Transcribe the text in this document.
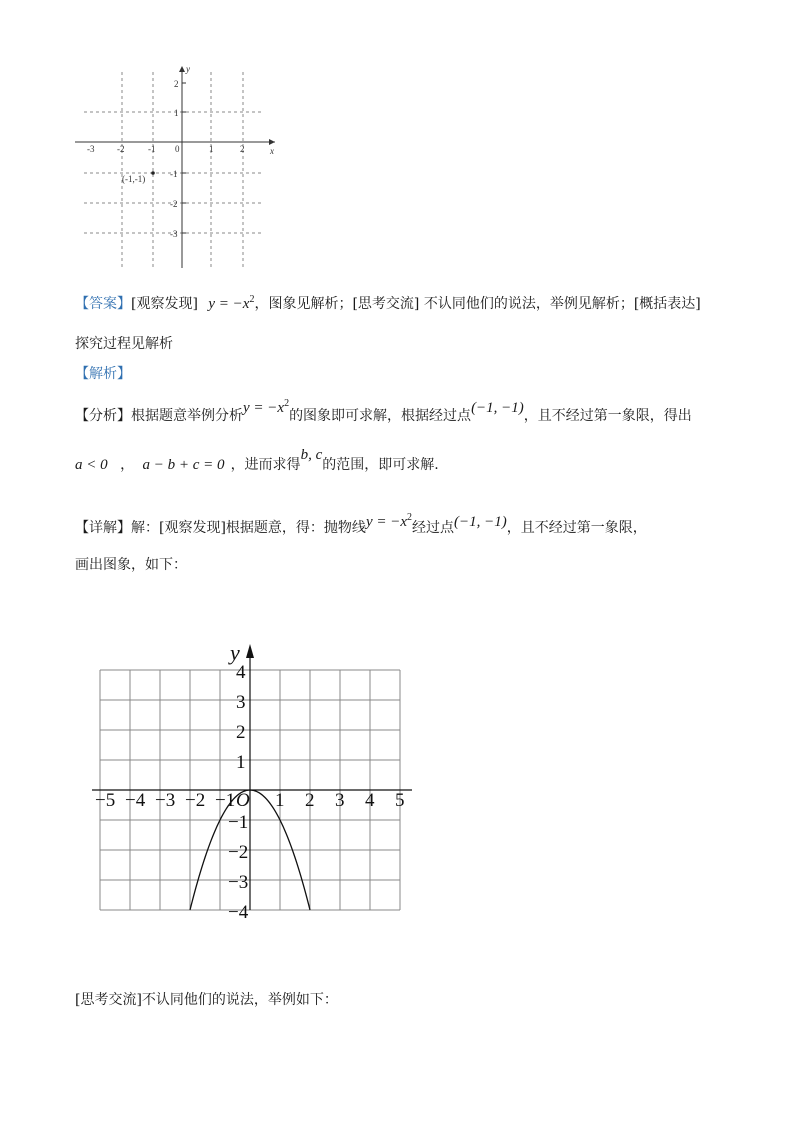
-3	-2	-1 0	1	2
2
1
-1
-2
-3
x
y
(-1,-1)
【答案】[观察发现] $y = -x^2$，图象见解析；[思考交流] 不认同他们的说法，举例见解析；[概括表达]
探究过程见解析
【解析】
【分析】根据题意举例分析$y = -x^2$的图象即可求解，根据经过点(−1, −1)，且不经过第一象限，得出
a < 0 ， a − b + c = 0 ，进而求得b, c的范围，即可求解.
【详解】解：[观察发现]根据题意，得：抛物线$y = -x^2$经过点(−1, −1)，且不经过第一象限，
画出图象，如下：
−5 −4 −3 −2 −1 O 1 2 3 4 5
4
3
2
1
−1
−2
−3
−4
y
[思考交流]不认同他们的说法，举例如下：
